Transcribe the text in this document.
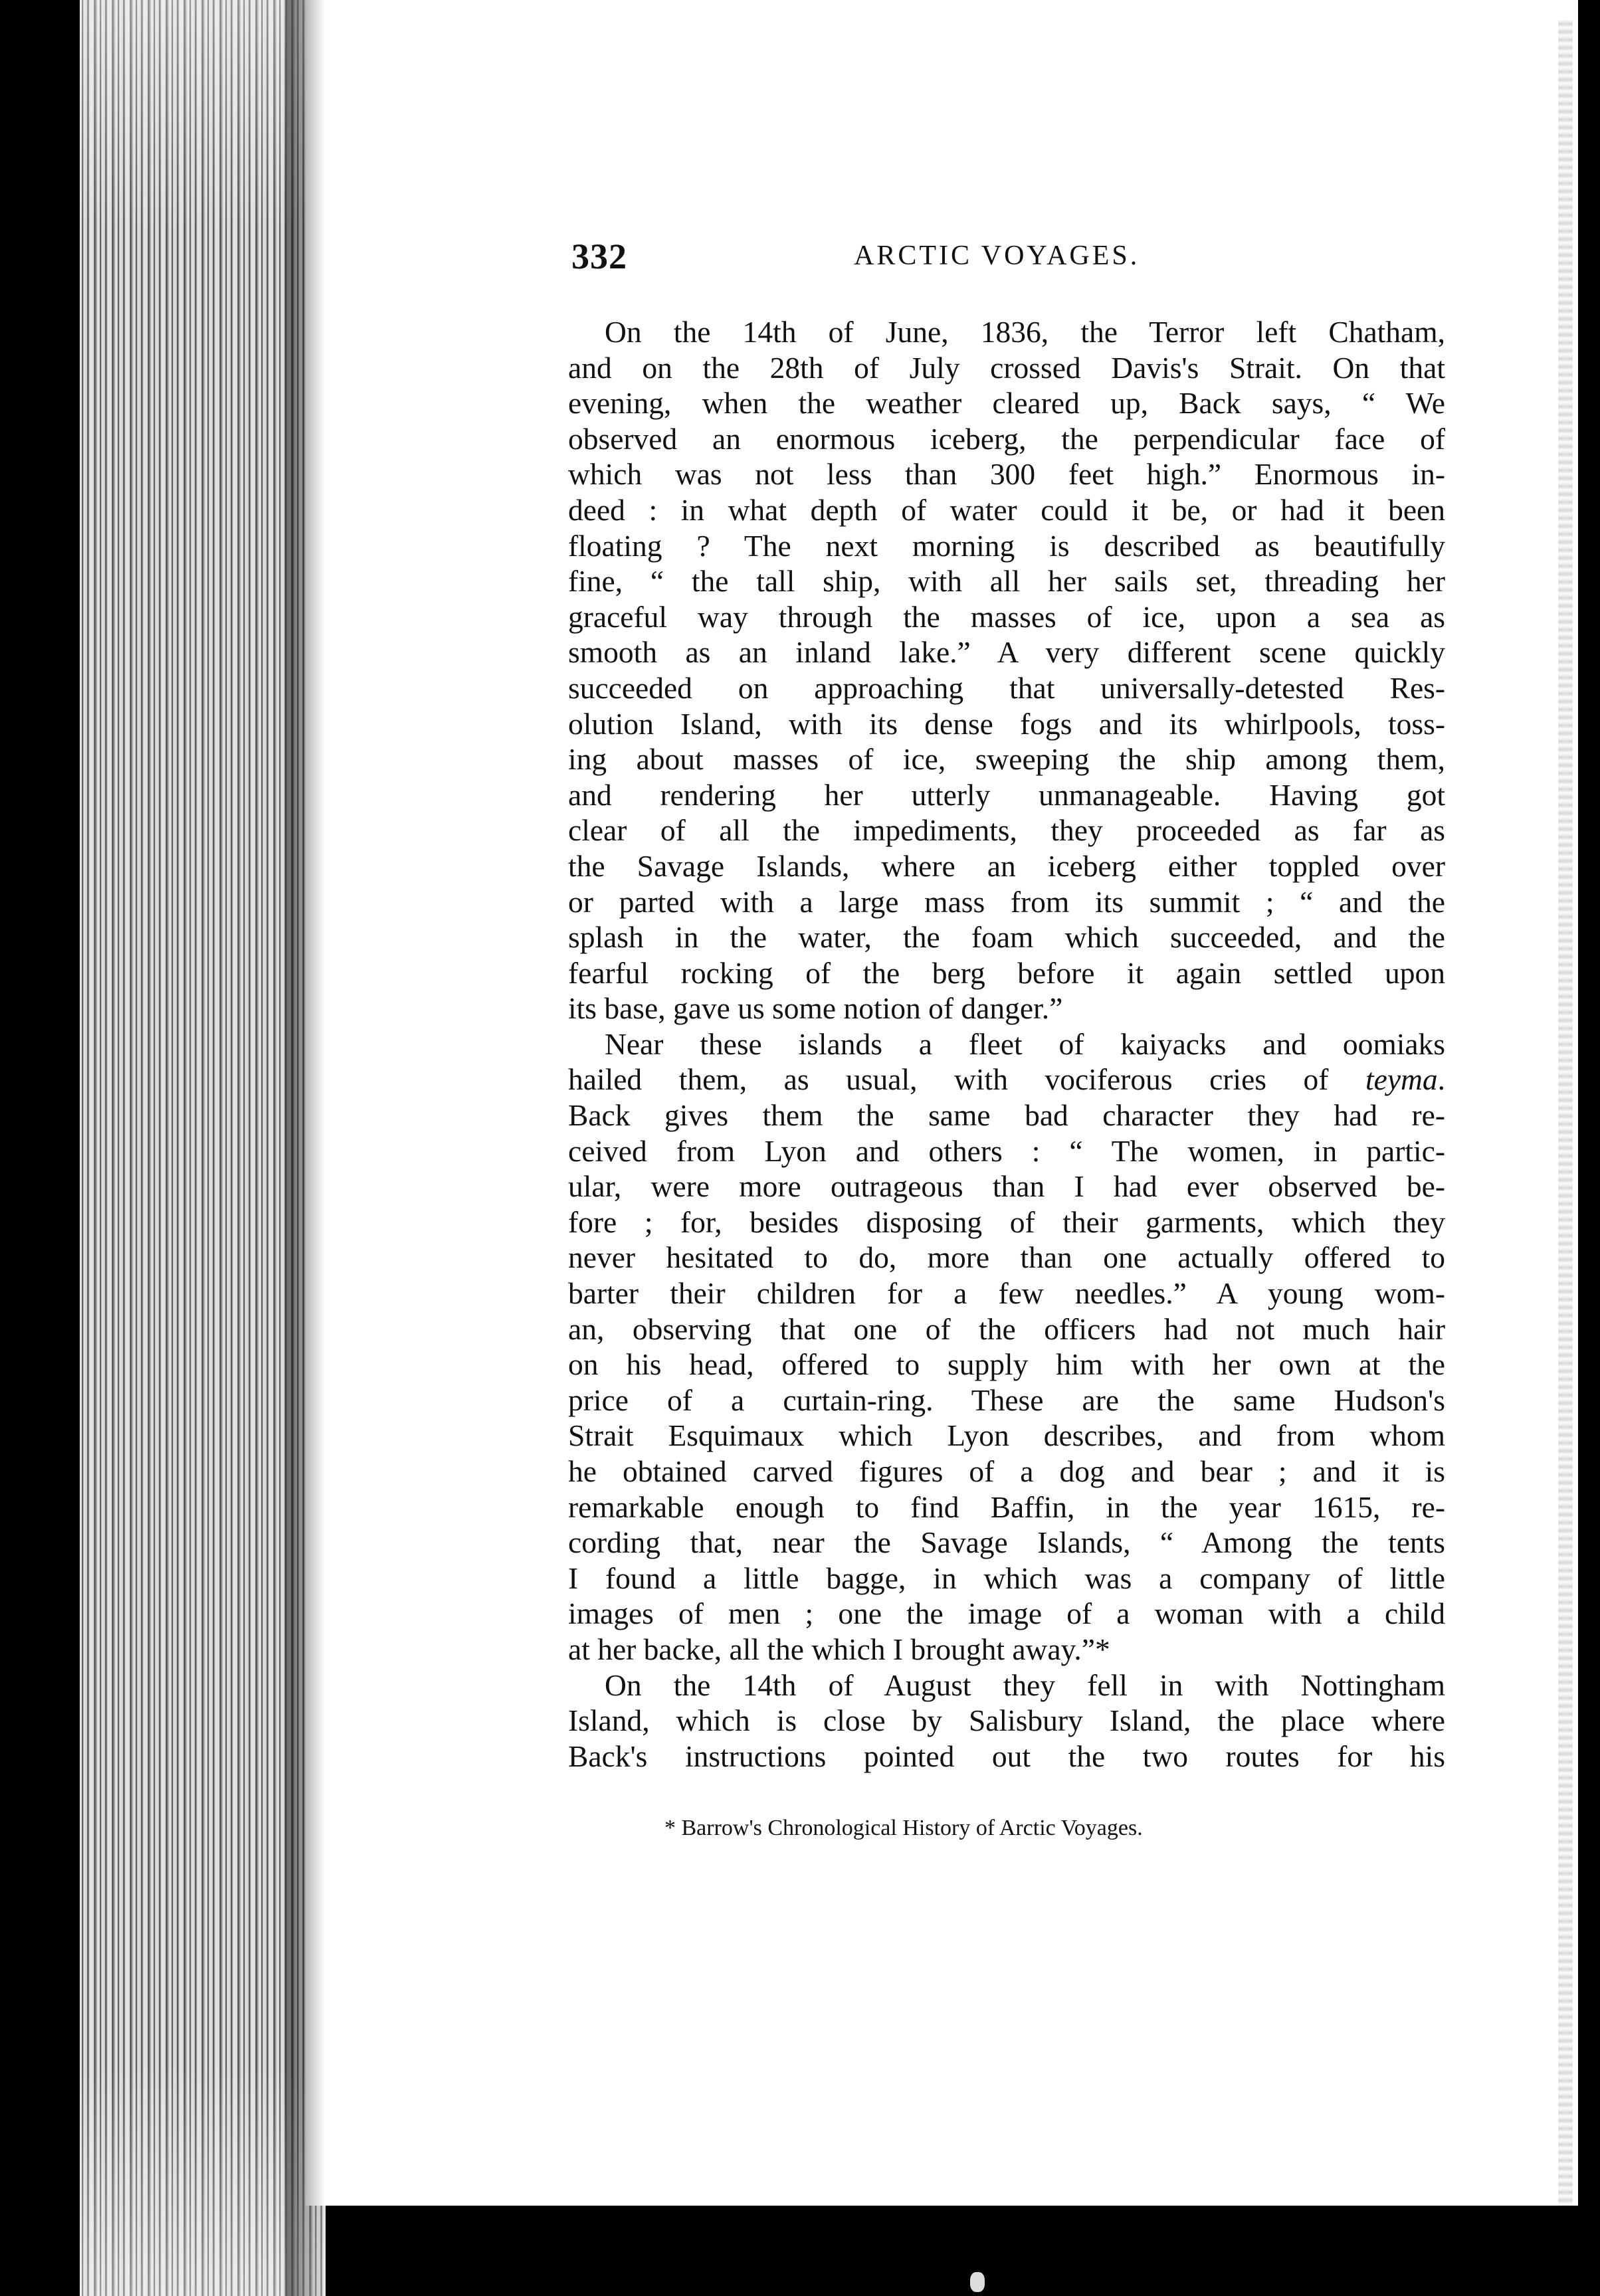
332	ARCTIC VOYAGES.
On the 14th of June, 1836, the Terror left Chatham,
and on the 28th of July crossed Davis's Strait. On that
evening, when the weather cleared up, Back says, “ We
observed an enormous iceberg, the perpendicular face of
which was not less than 300 feet high.” Enormous in-
deed : in what depth of water could it be, or had it been
floating ? The next morning is described as beautifully
fine, “ the tall ship, with all her sails set, threading her
graceful way through the masses of ice, upon a sea as
smooth as an inland lake.” A very different scene quickly
succeeded on approaching that universally-detested Res-
olution Island, with its dense fogs and its whirlpools, toss-
ing about masses of ice, sweeping the ship among them,
and rendering her utterly unmanageable. Having got
clear of all the impediments, they proceeded as far as
the Savage Islands, where an iceberg either toppled over
or parted with a large mass from its summit ; “ and the
splash in the water, the foam which succeeded, and the
fearful rocking of the berg before it again settled upon
its base, gave us some notion of danger.”
Near these islands a fleet of kaiyacks and oomiaks
hailed them, as usual, with vociferous cries of teyma.
Back gives them the same bad character they had re-
ceived from Lyon and others : “ The women, in partic-
ular, were more outrageous than I had ever observed be-
fore ; for, besides disposing of their garments, which they
never hesitated to do, more than one actually offered to
barter their children for a few needles.” A young wom-
an, observing that one of the officers had not much hair
on his head, offered to supply him with her own at the
price of a curtain-ring. These are the same Hudson's
Strait Esquimaux which Lyon describes, and from whom
he obtained carved figures of a dog and bear ; and it is
remarkable enough to find Baffin, in the year 1615, re-
cording that, near the Savage Islands, “ Among the tents
I found a little bagge, in which was a company of little
images of men ; one the image of a woman with a child
at her backe, all the which I brought away.”*
On the 14th of August they fell in with Nottingham
Island, which is close by Salisbury Island, the place where
Back's instructions pointed out the two routes for his
* Barrow's Chronological History of Arctic Voyages.
